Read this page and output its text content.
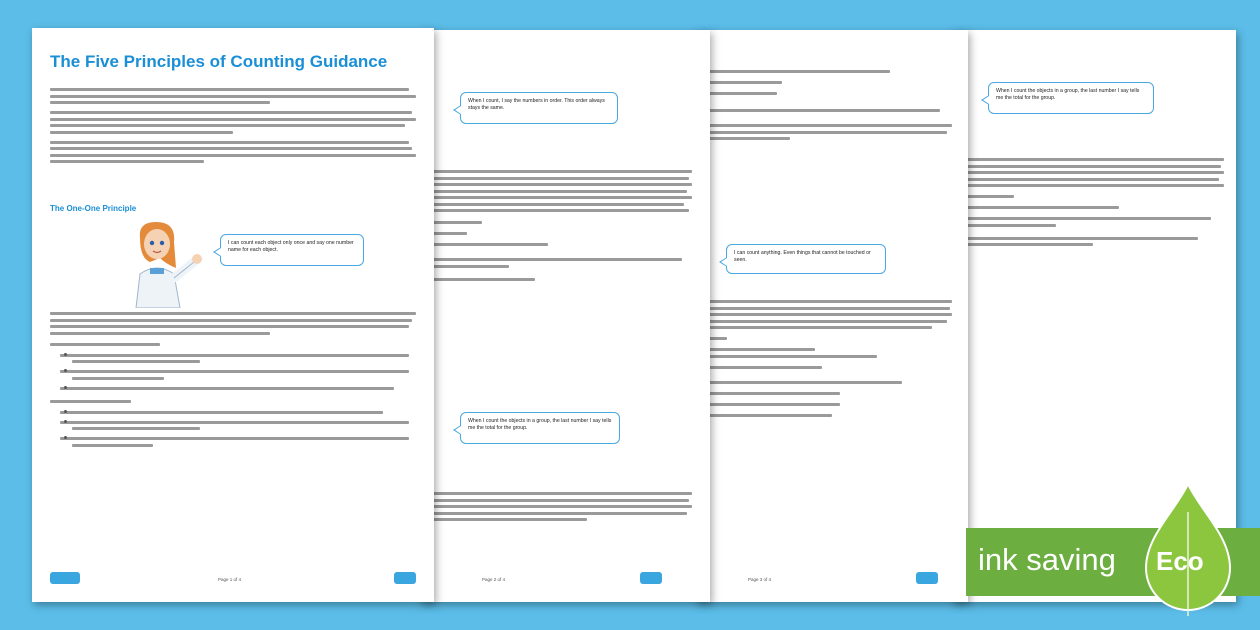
The Five Principles of Counting Guidance
The One-One Principle
I can count each object only once and say one number name for each object.
Page 1 of 4
When I count, I say the numbers in order. This order always stays the same.
When I count the objects in a group, the last number I say tells me the total for the group.
Page 2 of 4
I can count anything. Even things that cannot be touched or seen.
Page 3 of 4
When I count the objects in a group, the last number I say tells me the total for the group.
ink saving Eco
